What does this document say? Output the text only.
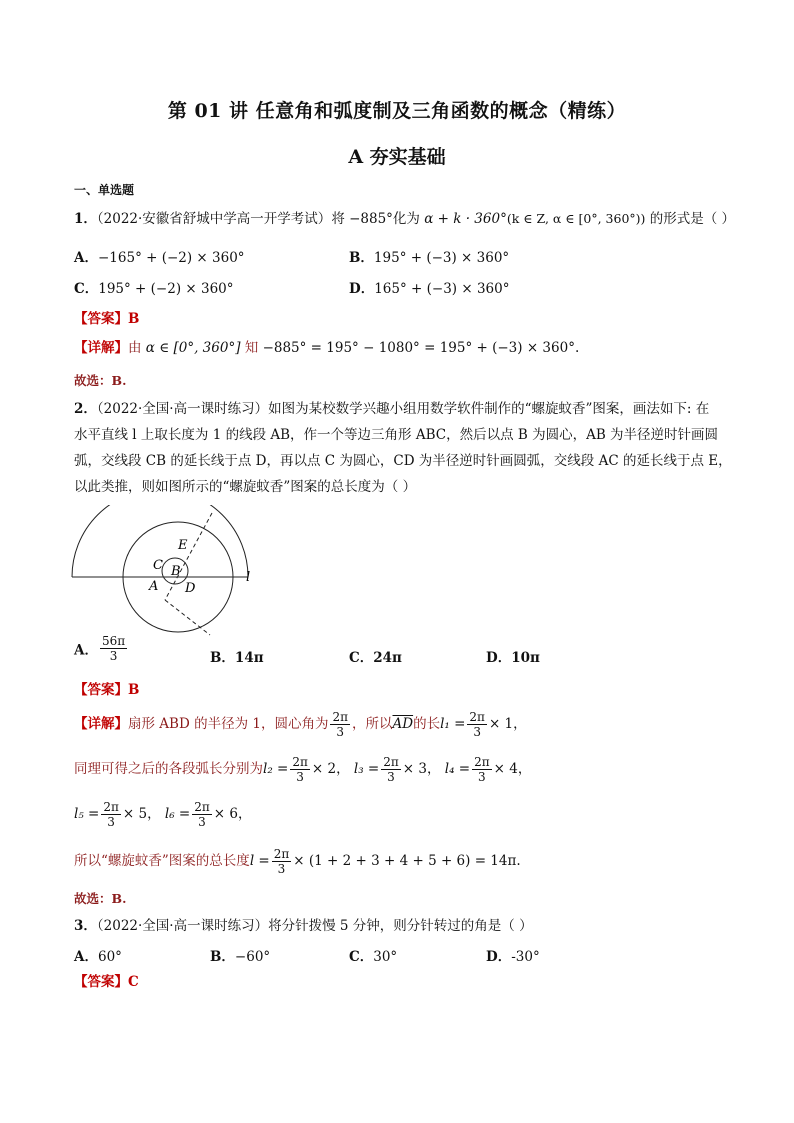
第 01 讲 任意角和弧度制及三角函数的概念（精练）
A 夯实基础
一、单选题
1．（2022·安徽省舒城中学高一开学考试）将 −885°化为 α + k · 360°(k ∈ Z, α ∈ [0°, 360°)) 的形式是（ ）
A．−165° + (−2) × 360°	B．195° + (−3) × 360°
C．195° + (−2) × 360°	D．165° + (−3) × 360°
【答案】B
【详解】由 α ∈ [0°, 360°] 知 −885° = 195° − 1080° = 195° + (−3) × 360°.
故选：B.
2．（2022·全国·高一课时练习）如图为某校数学兴趣小组用数学软件制作的“螺旋蚊香”图案，画法如下: 在
水平直线 l 上取长度为 1 的线段 AB，作一个等边三角形 ABC，然后以点 B 为圆心，AB 为半径逆时针画圆
弧，交线段 CB 的延长线于点 D，再以点 C 为圆心，CD 为半径逆时针画圆弧，交线段 AC 的延长线于点 E，
以此类推，则如图所示的“螺旋蚊香”图案的总长度为（ ）
E
C B
A D
l
A． $\frac{56\pi}{3}$	B．14π	C．24π	D．10π
【答案】B
【详解】扇形 ABD 的半径为 1，圆心角为 $\frac{2\pi}{3}$ ，所以$\overline{AD}$的长$l_1 = \frac{2\pi}{3} \times 1$，
同理可得之后的各段弧长分别为$l_2 = \frac{2\pi}{3} \times 2$， $l_3 = \frac{2\pi}{3} \times 3$， $l_4 = \frac{2\pi}{3} \times 4$，
$l_5 = \frac{2\pi}{3} \times 5$， $l_6 = \frac{2\pi}{3} \times 6$，
所以“螺旋蚊香”图案的总长度$l = \frac{2\pi}{3} \times (1 + 2 + 3 + 4 + 5 + 6) = 14\pi$.
故选：B.
3．（2022·全国·高一课时练习）将分针拨慢 5 分钟，则分针转过的角是（ ）
A．60°	B．−60°	C．30°	D．-30°
【答案】C
